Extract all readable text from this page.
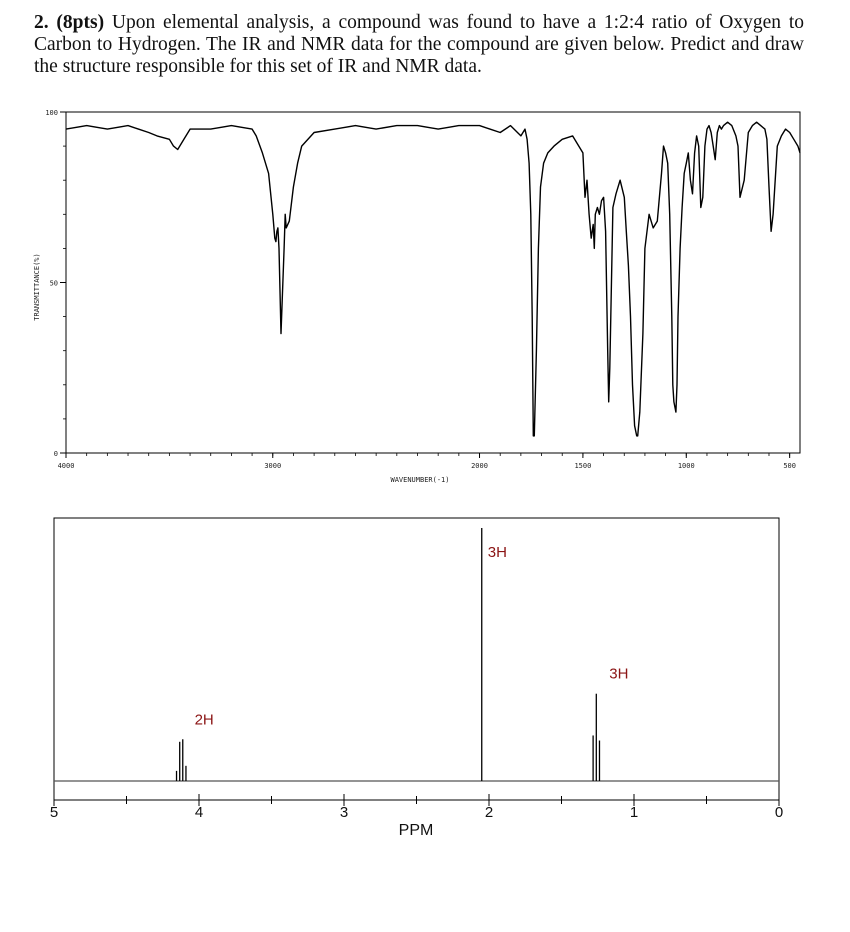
2. (8pts) Upon elemental analysis, a compound was found to have a 1:2:4 ratio of Oxygen to Carbon to Hydrogen. The IR and NMR data for the compound are given below. Predict and draw the structure responsible for this set of IR and NMR data.
4000	3000	2000	1500	1000	500
100
50
0
WAVENUMBER(-1)
TRANSMITTANCE(%)
2H
3H
3H
5	4	3	2	1	0
PPM
